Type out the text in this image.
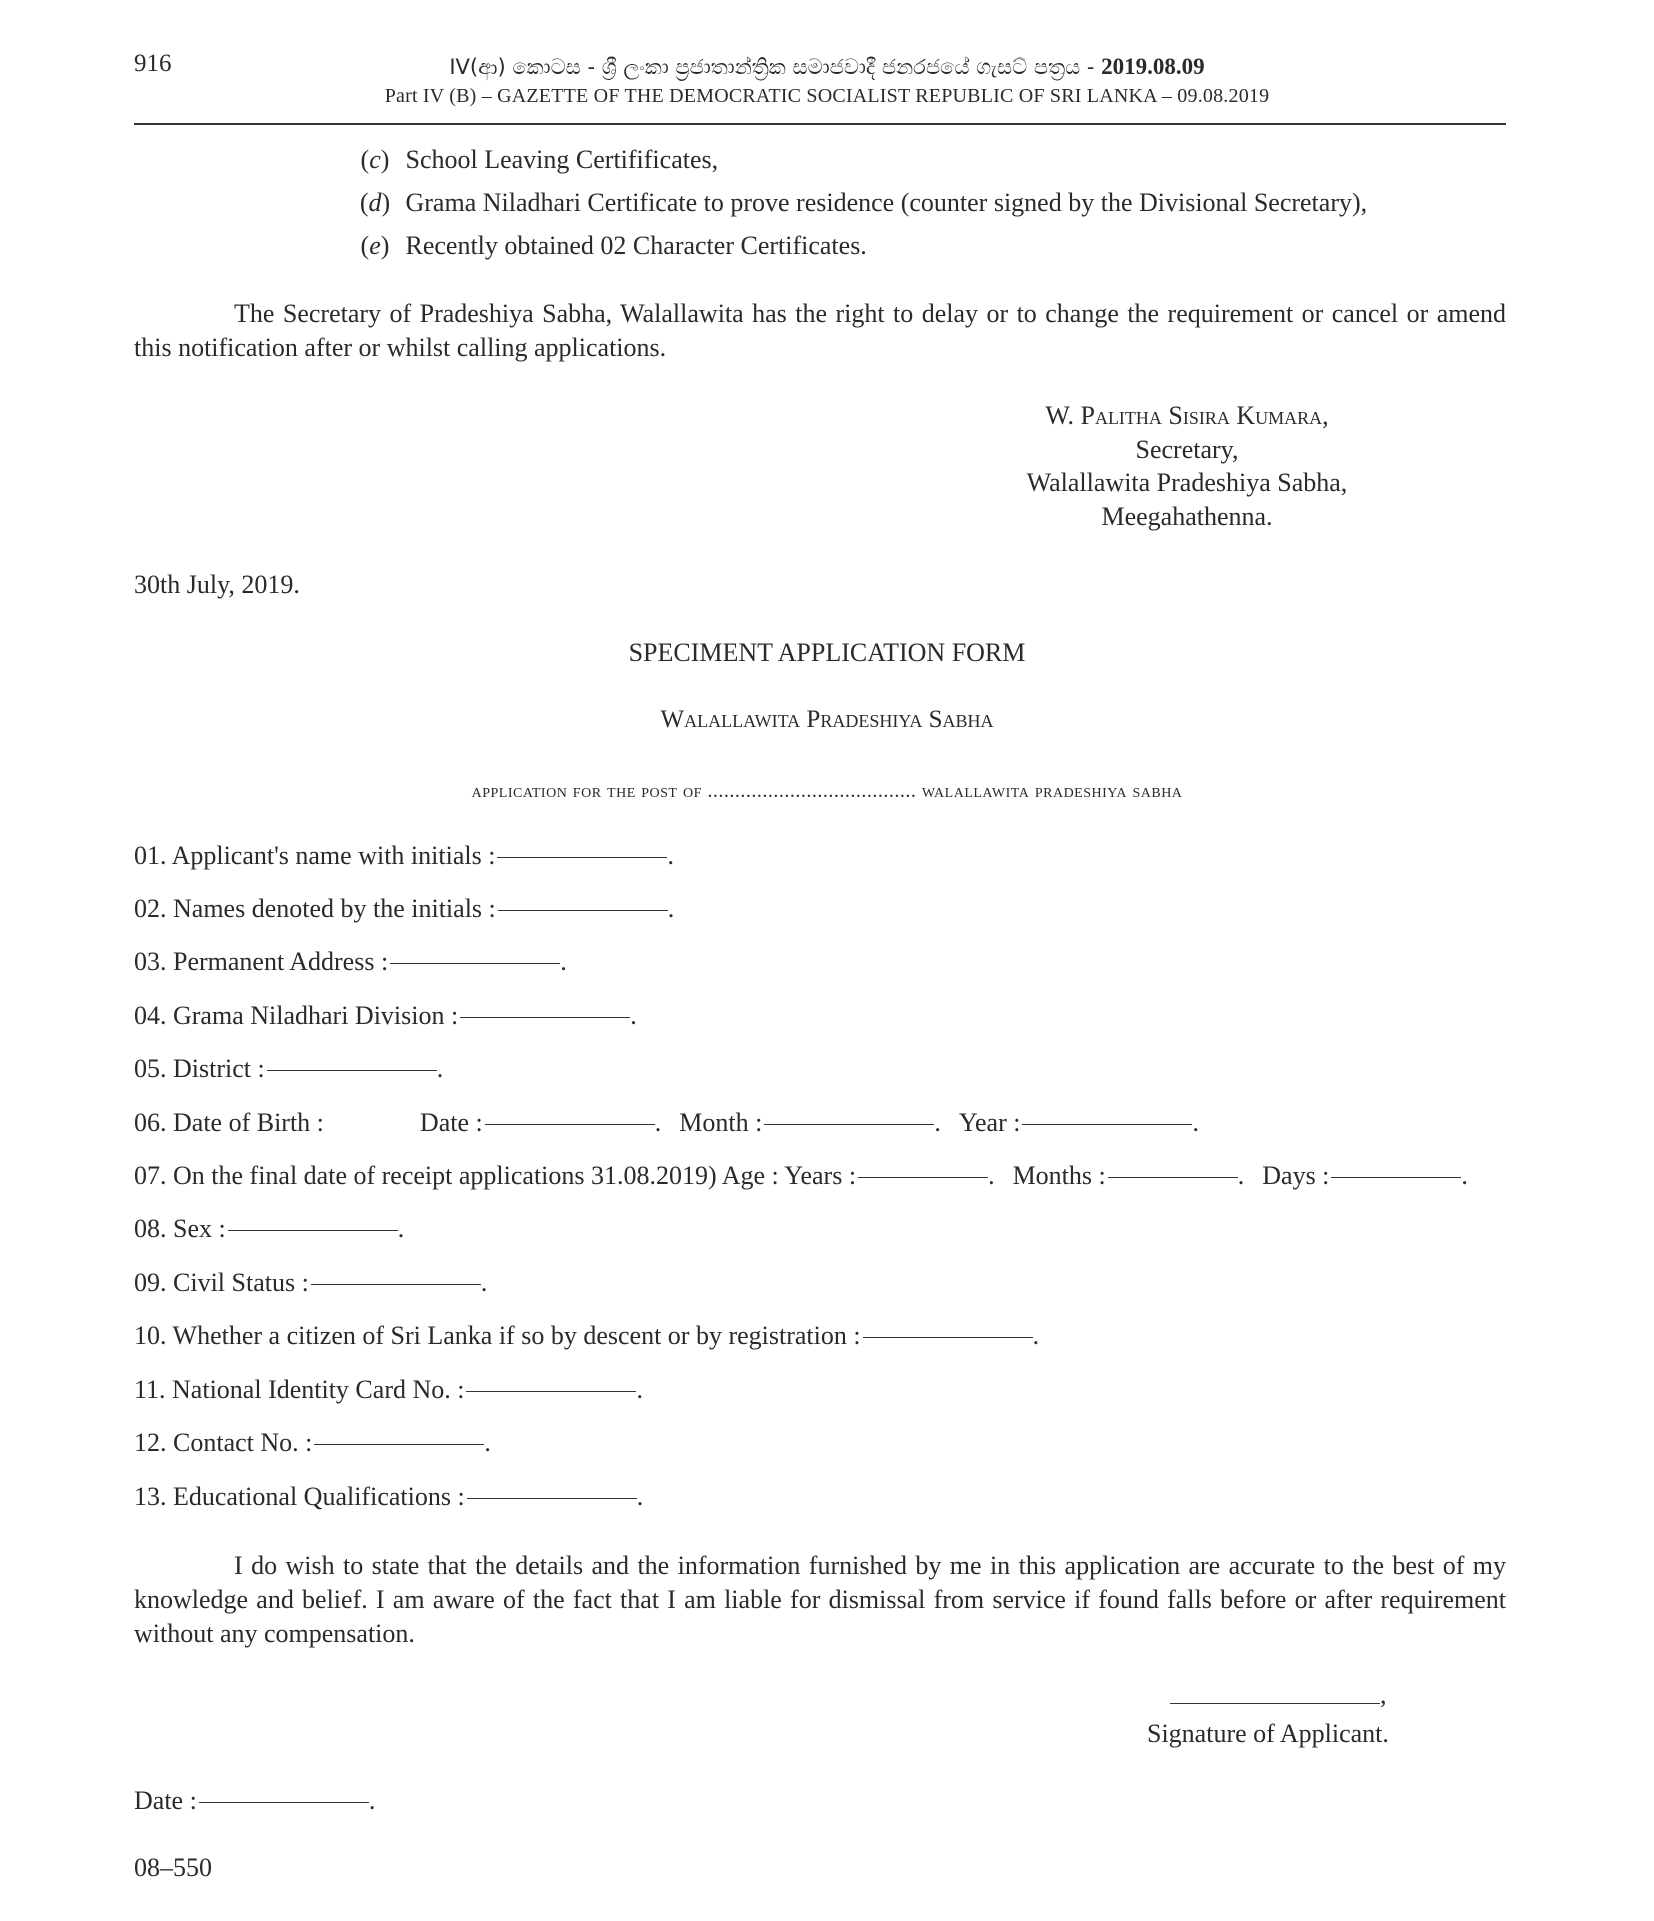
916	IV(ආ) කොටස - ශ්‍රී ලංකා ප්‍රජාතාන්ත්‍රික සමාජවාදී ජනරජයේ ගැසට් පත්‍රය - 2019.08.09
Part IV (B) – GAZETTE OF THE DEMOCRATIC SOCIALIST REPUBLIC OF SRI LANKA – 09.08.2019
(c) School Leaving Certifificates,
(d) Grama Niladhari Certificate to prove residence (counter signed by the Divisional Secretary),
(e) Recently obtained 02 Character Certificates.
The Secretary of Pradeshiya Sabha, Walallawita has the right to delay or to change the requirement or cancel or amend this notification after or whilst calling applications.
W. Palitha Sisira Kumara,
Secretary,
Walallawita Pradeshiya Sabha,
Meegahathenna.
30th July, 2019.
SPECIMENT APPLICATION FORM
Walallawita Pradeshiya Sabha
application for the post of ...................................... walallawita pradeshiya sabha
01. Applicant's name with initials :	.
02. Names denoted by the initials :	.
03. Permanent Address :	.
04. Grama Niladhari Division :	.
05. District :	.
06. Date of Birth :	Date :	. Month :	. Year :	.
07. On the final date of receipt applications 31.08.2019) Age : Years :	. Months :	. Days :	.
08. Sex :	.
09. Civil Status :	.
10. Whether a citizen of Sri Lanka if so by descent or by registration :	.
11. National Identity Card No. :	.
12. Contact No. :	.
13. Educational Qualifications :	.
I do wish to state that the details and the information furnished by me in this application are accurate to the best of my knowledge and belief. I am aware of the fact that I am liable for dismissal from service if found falls before or after requirement without any compensation.
,
Signature of Applicant.
Date :	.
08–550
